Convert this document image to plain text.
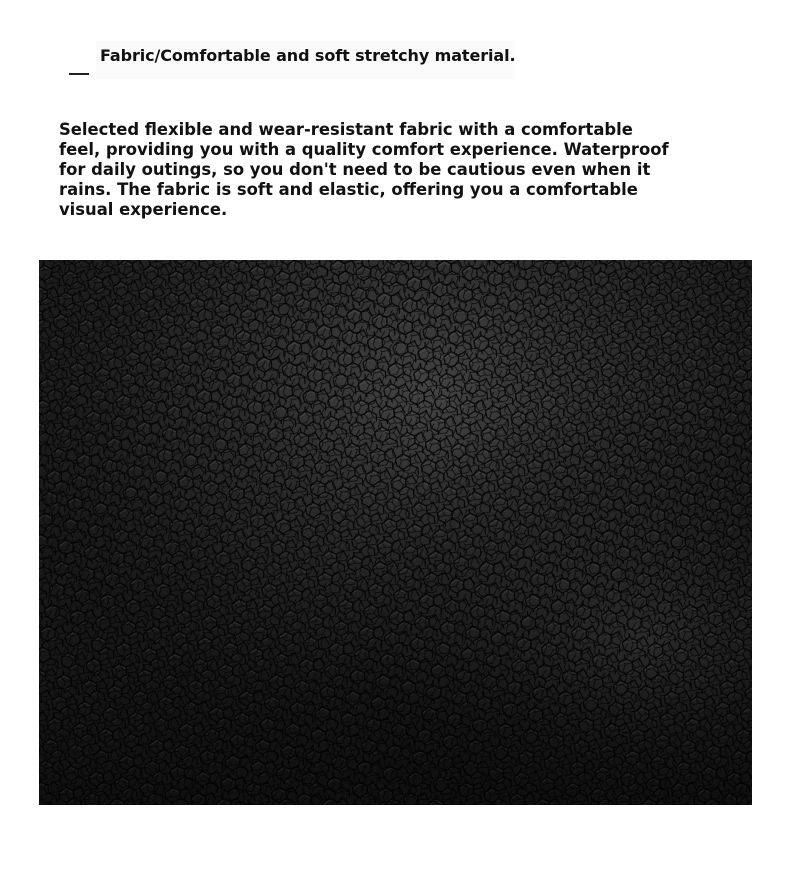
Fabric/Comfortable and soft stretchy material.
Selected flexible and wear-resistant fabric with a comfortable feel, providing you with a quality comfort experience. Waterproof for daily outings, so you don't need to be cautious even when it rains. The fabric is soft and elastic, offering you a comfortable visual experience.
